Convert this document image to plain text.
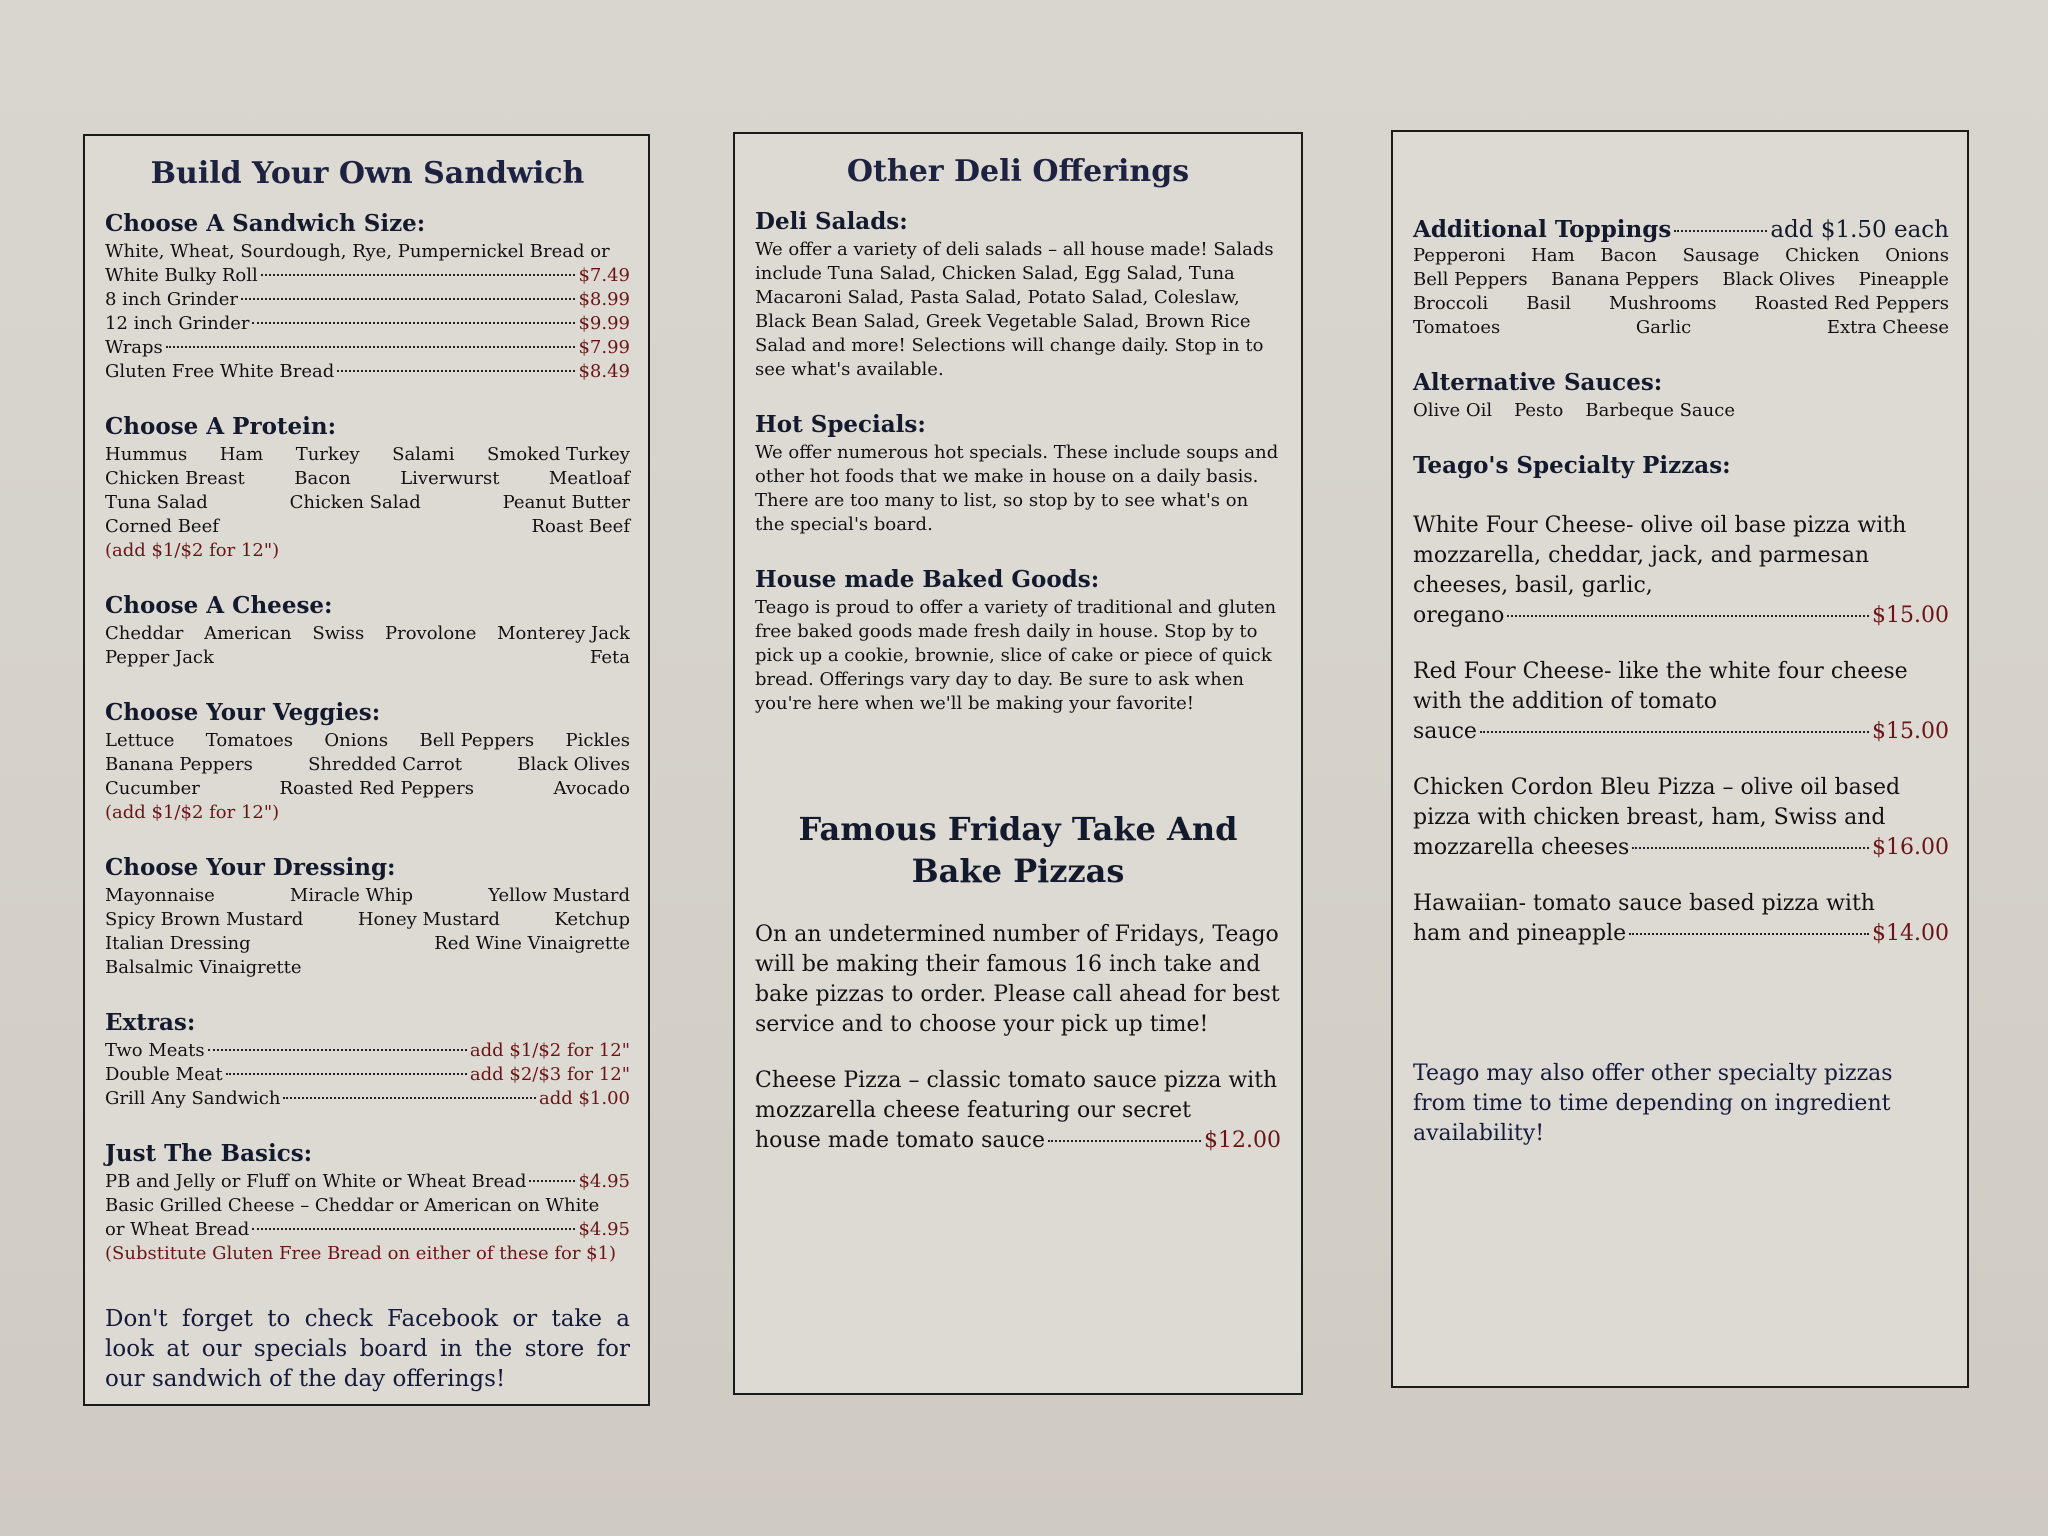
Build Your Own Sandwich
Choose A Sandwich Size:
White, Wheat, Sourdough, Rye, Pumpernickel Bread or
White Bulky Roll	$7.49
8 inch Grinder	$8.99
12 inch Grinder	$9.99
Wraps	$7.99
Gluten Free White Bread	$8.49
Choose A Protein:
Hummus Ham Turkey Salami Smoked Turkey
Chicken Breast	Bacon	Liverwurst	Meatloaf
Tuna Salad	Chicken Salad	Peanut Butter
Corned Beef	Roast Beef
(add $1/$2 for 12")
Choose A Cheese:
Cheddar American Swiss Provolone Monterey Jack
Pepper Jack	Feta
Choose Your Veggies:
Lettuce Tomatoes Onions Bell Peppers Pickles
Banana Peppers	Shredded Carrot	Black Olives
Cucumber	Roasted Red Peppers	Avocado
(add $1/$2 for 12")
Choose Your Dressing:
Mayonnaise	Miracle Whip	Yellow Mustard
Spicy Brown Mustard	Honey Mustard	Ketchup
Italian Dressing	Red Wine Vinaigrette
Balsalmic Vinaigrette
Extras:
Two Meats	add $1/$2 for 12"
Double Meat	add $2/$3 for 12"
Grill Any Sandwich	add $1.00
Just The Basics:
PB and Jelly or Fluff on White or Wheat Bread	$4.95
Basic Grilled Cheese – Cheddar or American on White
or Wheat Bread	$4.95
(Substitute Gluten Free Bread on either of these for $1)
Don't forget to check Facebook or take a look at our specials board in the store for our sandwich of the day offerings!
Other Deli Offerings
Deli Salads:

We offer a variety of deli salads – all house made! Salads include Tuna Salad, Chicken Salad, Egg Salad, Tuna Macaroni Salad, Pasta Salad, Potato Salad, Coleslaw, Black Bean Salad, Greek Vegetable Salad, Brown Rice Salad and more! Selections will change daily. Stop in to see what's available.

Hot Specials:

We offer numerous hot specials. These include soups and other hot foods that we make in house on a daily basis. There are too many to list, so stop by to see what's on the special's board.

House made Baked Goods:

Teago is proud to offer a variety of traditional and gluten free baked goods made fresh daily in house. Stop by to pick up a cookie, brownie, slice of cake or piece of quick bread. Offerings vary day to day. Be sure to ask when you're here when we'll be making your favorite!

Famous Friday Take And Bake Pizzas

On an undetermined number of Fridays, Teago will be making their famous 16 inch take and bake pizzas to order. Please call ahead for best service and to choose your pick up time!

Cheese Pizza – classic tomato sauce pizza with mozzarella cheese featuring our secret
house made tomato sauce	$12.00
Additional Toppings	add $1.50 each
Pepperoni Ham Bacon Sausage Chicken Onions
Bell Peppers Banana Peppers Black Olives Pineapple
Broccoli Basil Mushrooms Roasted Red Peppers
Tomatoes	Garlic	Extra Cheese
Alternative Sauces:
Olive Oil Pesto Barbeque Sauce
Teago's Specialty Pizzas:
White Four Cheese- olive oil base pizza with mozzarella, cheddar, jack, and parmesan cheeses, basil, garlic,
oregano	$15.00
Red Four Cheese- like the white four cheese with the addition of tomato
sauce	$15.00
Chicken Cordon Bleu Pizza – olive oil based pizza with chicken breast, ham, Swiss and
mozzarella cheeses	$16.00
Hawaiian- tomato sauce based pizza with
ham and pineapple	$14.00
Teago may also offer other specialty pizzas from time to time depending on ingredient availability!
